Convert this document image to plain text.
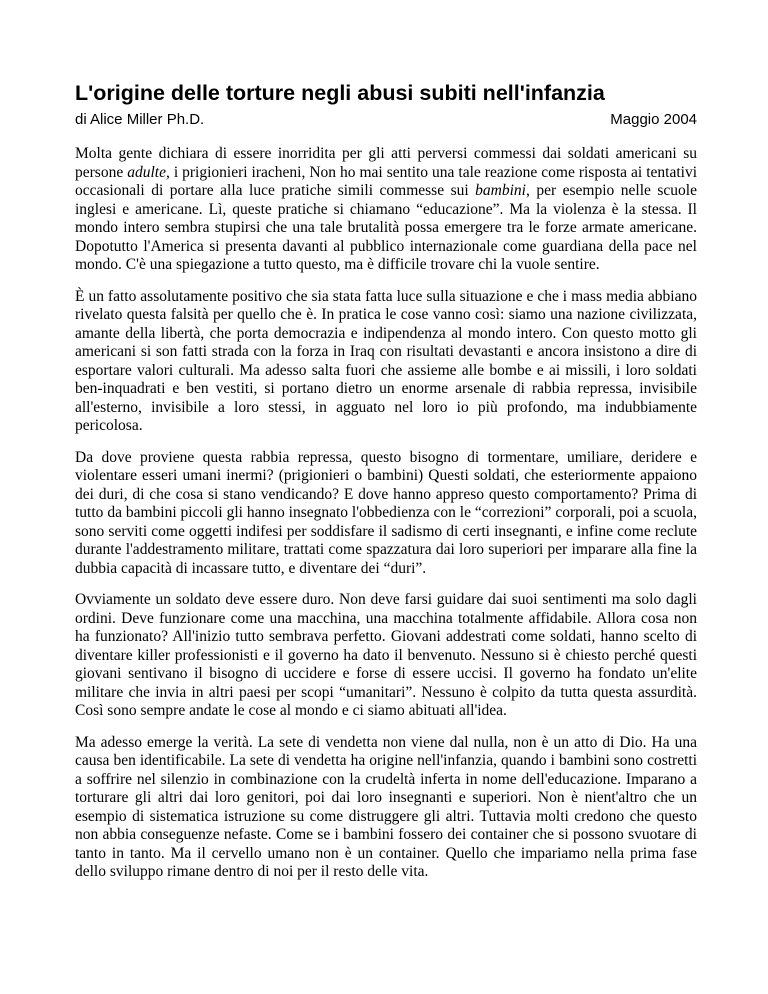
L'origine delle torture negli abusi subiti nell'infanzia
di Alice Miller Ph.D.	Maggio 2004

Molta gente dichiara di essere inorridita per gli atti perversi commessi dai soldati americani su persone adulte, i prigionieri iracheni, Non ho mai sentito una tale reazione come risposta ai tentativi occasionali di portare alla luce pratiche simili commesse sui bambini, per esempio nelle scuole inglesi e americane. Lì, queste pratiche si chiamano “educazione”. Ma la violenza è la stessa. Il mondo intero sembra stupirsi che una tale brutalità possa emergere tra le forze armate americane. Dopotutto l'America si presenta davanti al pubblico internazionale come guardiana della pace nel mondo. C'è una spiegazione a tutto questo, ma è difficile trovare chi la vuole sentire.

È un fatto assolutamente positivo che sia stata fatta luce sulla situazione e che i mass media abbiano rivelato questa falsità per quello che è. In pratica le cose vanno così: siamo una nazione civilizzata, amante della libertà, che porta democrazia e indipendenza al mondo intero. Con questo motto gli americani si son fatti strada con la forza in Iraq con risultati devastanti e ancora insistono a dire di esportare valori culturali. Ma adesso salta fuori che assieme alle bombe e ai missili, i loro soldati ben-inquadrati e ben vestiti, si portano dietro un enorme arsenale di rabbia repressa, invisibile all'esterno, invisibile a loro stessi, in agguato nel loro io più profondo, ma indubbiamente pericolosa.

Da dove proviene questa rabbia repressa, questo bisogno di tormentare, umiliare, deridere e violentare esseri umani inermi? (prigionieri o bambini) Questi soldati, che esteriormente appaiono dei duri, di che cosa si stano vendicando? E dove hanno appreso questo comportamento? Prima di tutto da bambini piccoli gli hanno insegnato l'obbedienza con le “correzioni” corporali, poi a scuola, sono serviti come oggetti indifesi per soddisfare il sadismo di certi insegnanti, e infine come reclute durante l'addestramento militare, trattati come spazzatura dai loro superiori per imparare alla fine la dubbia capacità di incassare tutto, e diventare dei “duri”.

Ovviamente un soldato deve essere duro. Non deve farsi guidare dai suoi sentimenti ma solo dagli ordini. Deve funzionare come una macchina, una macchina totalmente affidabile. Allora cosa non ha funzionato? All'inizio tutto sembrava perfetto. Giovani addestrati come soldati, hanno scelto di diventare killer professionisti e il governo ha dato il benvenuto. Nessuno si è chiesto perché questi giovani sentivano il bisogno di uccidere e forse di essere uccisi. Il governo ha fondato un'elite militare che invia in altri paesi per scopi “umanitari”. Nessuno è colpito da tutta questa assurdità. Così sono sempre andate le cose al mondo e ci siamo abituati all'idea.

Ma adesso emerge la verità. La sete di vendetta non viene dal nulla, non è un atto di Dio. Ha una causa ben identificabile. La sete di vendetta ha origine nell'infanzia, quando i bambini sono costretti a soffrire nel silenzio in combinazione con la crudeltà inferta in nome dell'educazione. Imparano a torturare gli altri dai loro genitori, poi dai loro insegnanti e superiori. Non è nient'altro che un esempio di sistematica istruzione su come distruggere gli altri. Tuttavia molti credono che questo non abbia conseguenze nefaste. Come se i bambini fossero dei container che si possono svuotare di tanto in tanto. Ma il cervello umano non è un container. Quello che impariamo nella prima fase dello sviluppo rimane dentro di noi per il resto delle vita.
